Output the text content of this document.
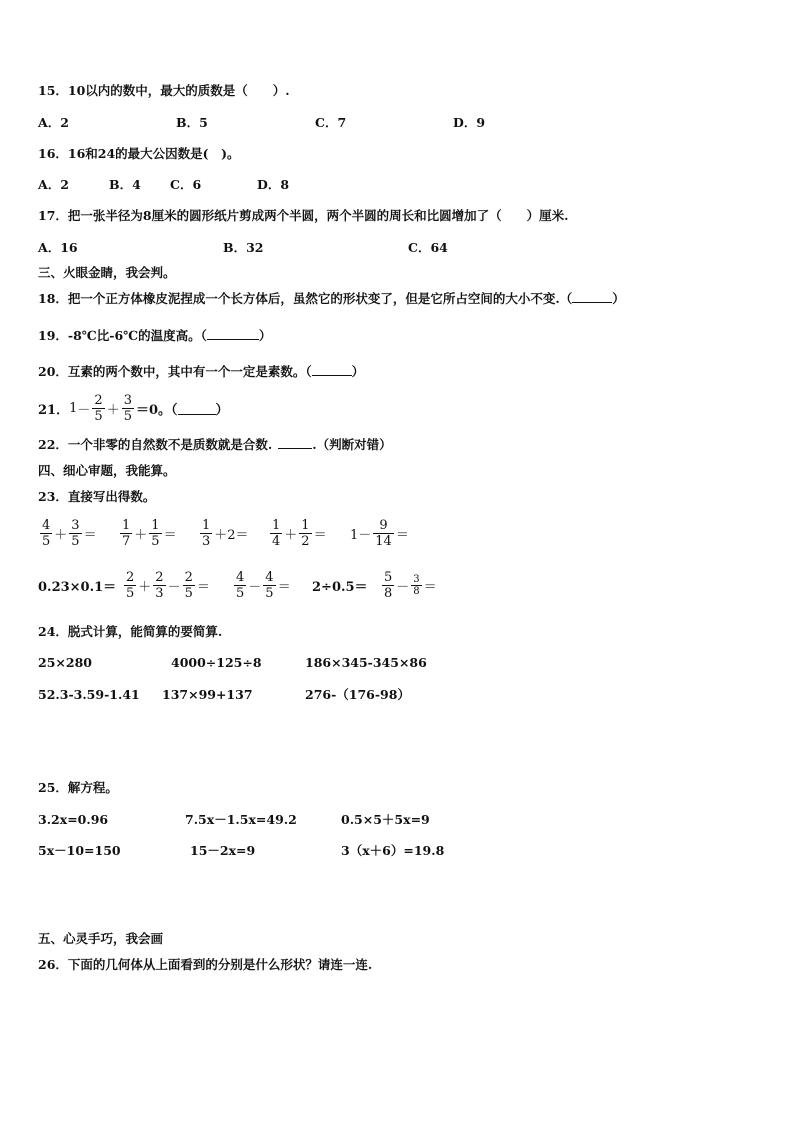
15．10以内的数中，最大的质数是（　　）.
A．2	B．5	C．7	D．9
16．16和24的最大公因数是(　)。
A．2	B．4 C．6	D．8
17．把一张半径为8厘米的圆形纸片剪成两个半圆，两个半圆的周长和比圆增加了（　　）厘米.
A．16	B．32	C．64
三、火眼金睛，我会判。
18．把一个正方体橡皮泥捏成一个长方体后，虽然它的形状变了，但是它所占空间的大小不变.（	）
19．-8℃比-6℃的温度高。（	）
20．互素的两个数中，其中有一个一定是素数。（	）
21． $1 - \frac{2}{5} + \frac{3}{5} =0$。（	）
22．一个非零的自然数不是质数就是合数.	.（判断对错）
四、细心审题，我能算。
23．直接写出得数。
$\frac{4}{5} + \frac{3}{5} = \frac{1}{7} + \frac{1}{5} = \frac{1}{3} +2= \frac{1}{4} + \frac{1}{2} = 1- \frac{9}{14}$ ＝
$0.23\times 0.1= \frac{2}{5} + \frac{2}{3} - \frac{2}{5} = \frac{4}{5} - \frac{4}{5} = 2\div 0.5= \frac{5}{8} - \frac{3}{8}$ ＝
24．脱式计算，能简算的要简算.
25×280	4000÷125÷8	186×345-345×86
52.3-3.59-1.41 137×99+137	276-（176-98）
25．解方程。
3.2x=0.96	7.5x－1.5x=49.2	0.5×5＋5x=9
5x－10=150	15－2x=9	3（x＋6）=19.8
五、心灵手巧，我会画
26．下面的几何体从上面看到的分别是什么形状？请连一连.
